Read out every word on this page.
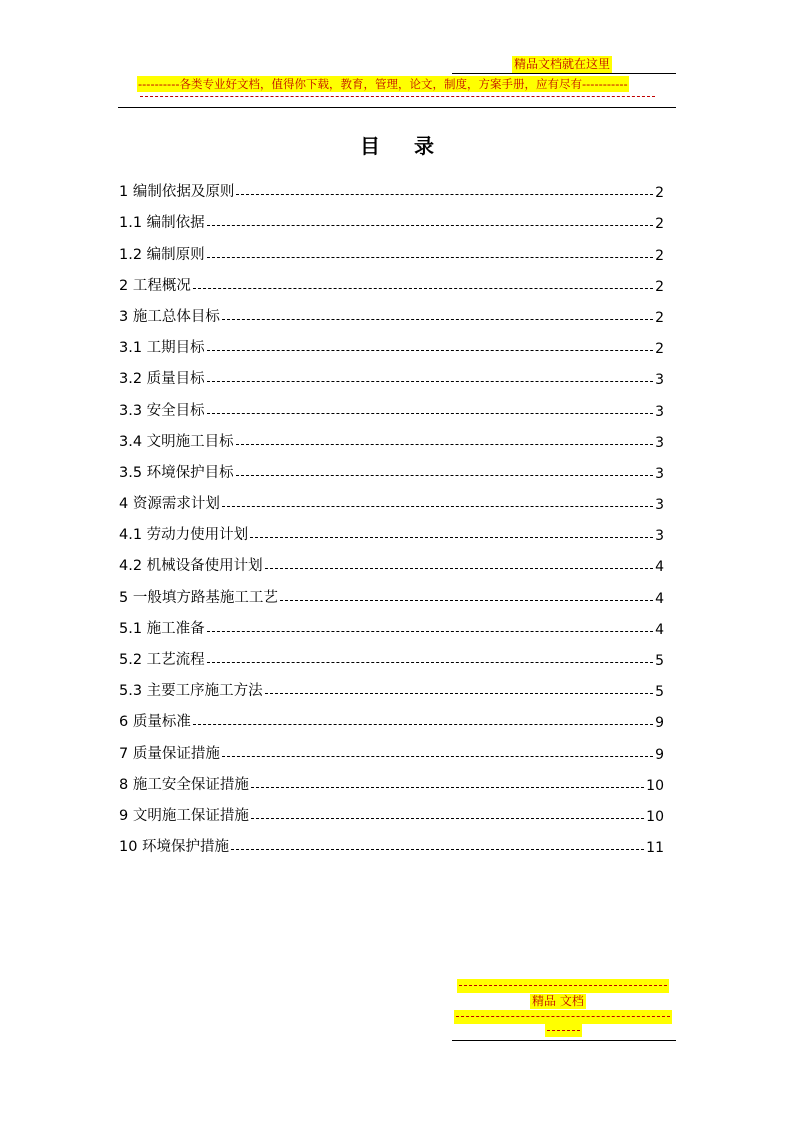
精品文档就在这里
----------各类专业好文档，值得你下载，教育，管理，论文，制度，方案手册，应有尽有-----------
目录
1 编制依据及原则	2
1.1 编制依据	2
1.2 编制原则	2
2 工程概况	2
3 施工总体目标	2
3.1 工期目标	2
3.2 质量目标	3
3.3 安全目标	3
3.4 文明施工目标	3
3.5 环境保护目标	3
4 资源需求计划	3
4.1 劳动力使用计划	3
4.2 机械设备使用计划	4
5 一般填方路基施工工艺	4
5.1 施工准备	4
5.2 工艺流程	5
5.3 主要工序施工方法	5
6 质量标准	9
7 质量保证措施	9
8 施工安全保证措施	10
9 文明施工保证措施	10
10 环境保护措施	11
精品 文档
